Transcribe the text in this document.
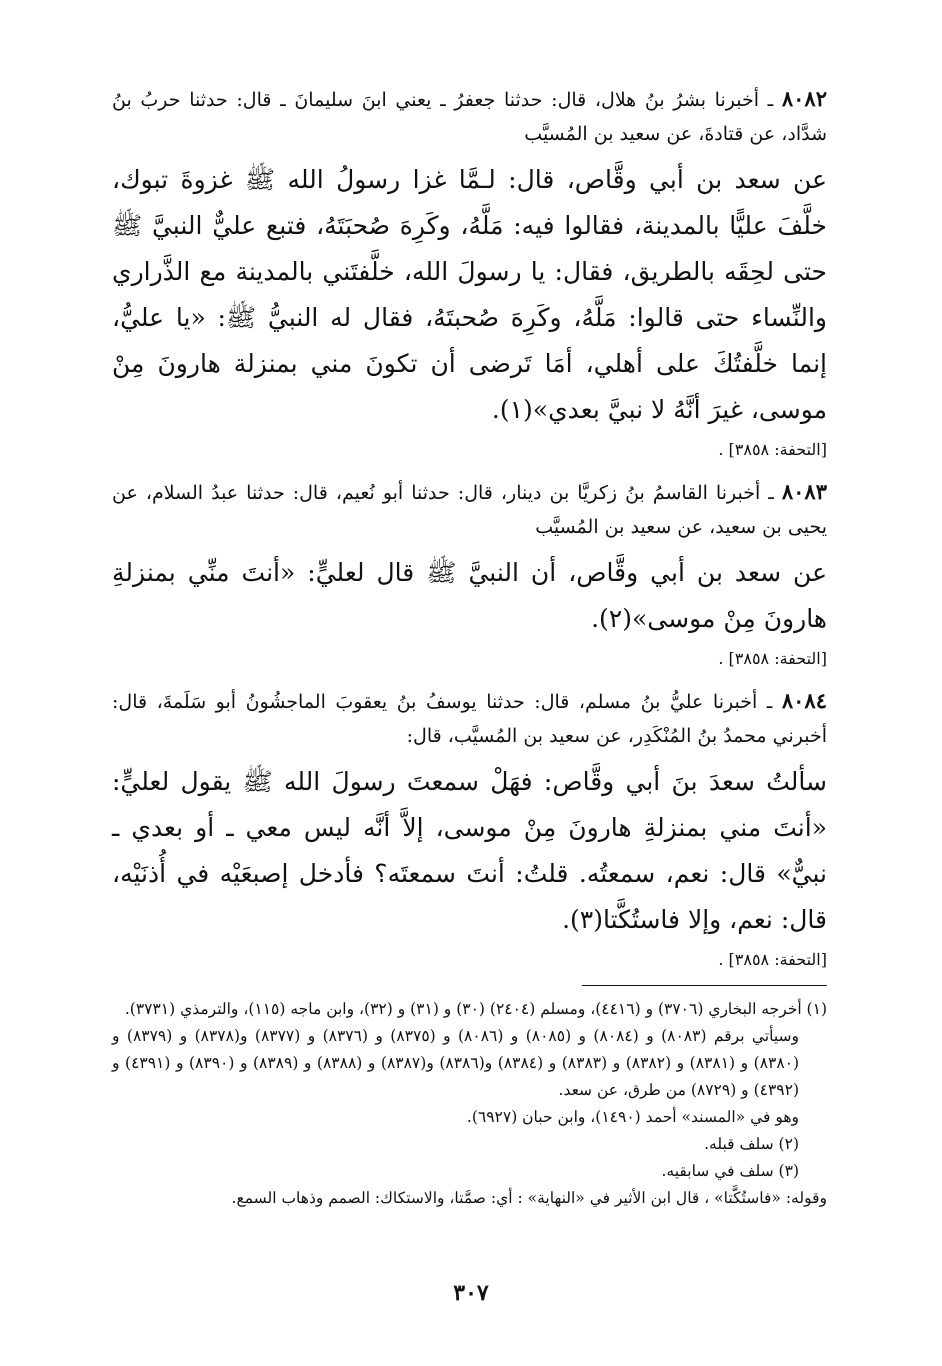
٨٠٨٢ ـ أخبرنا بشرُ بنُ هلال، قال: حدثنا جعفرُ ـ يعني ابنَ سليمانَ ـ قال: حدثنا حربُ بنُ شدَّاد، عن قتادةَ، عن سعيد بن المُسيَّب

عن سعد بن أبي وقَّاص، قال: لـمَّا غزا رسولُ الله ﷺ غزوةَ تبوك، خلَّفَ عليًّا بالمدينة، فقالوا فيه: مَلَّهُ، وكَرِهَ صُحبَتَهُ، فتبع عليٌّ النبيَّ ﷺ حتى لحِقَه بالطريق، فقال: يا رسولَ الله، خلَّفتَني بالمدينة مع الذَّراري والنِّساء حتى قالوا: مَلَّهُ، وكَرِهَ صُحبتَهُ، فقال له النبيُّ ﷺ: «يا عليُّ، إنما خلَّفتُكَ على أهلي، أمَا تَرضى أن تكونَ مني بمنزلة هارونَ مِنْ موسى، غيرَ أنَّهُ لا نبيَّ بعدي»(١).

[التحفة: ٣٨٥٨] .

٨٠٨٣ ـ أخبرنا القاسمُ بنُ زكريَّا بن دينار، قال: حدثنا أبو نُعيم، قال: حدثنا عبدُ السلام، عن يحيى بن سعيد، عن سعيد بن المُسيَّب

عن سعد بن أبي وقَّاص، أن النبيَّ ﷺ قال لعليٍّ: «أنتَ منِّي بمنزلةِ هارونَ مِنْ موسى»(٢).

[التحفة: ٣٨٥٨] .

٨٠٨٤ ـ أخبرنا عليُّ بنُ مسلم، قال: حدثنا يوسفُ بنُ يعقوبَ الماجشُونُ أبو سَلَمةَ، قال: أخبرني محمدُ بنُ المُنْكَدِر، عن سعيد بن المُسيَّب، قال:

سألتُ سعدَ بنَ أبي وقَّاص: فهَلْ سمعتَ رسولَ الله ﷺ يقول لعليٍّ: «أنتَ مني بمنزلةِ هارونَ مِنْ موسى، إلاَّ أنَّه ليس معي ـ أو بعدي ـ نبيٌّ» قال: نعم، سمعتُه. قلتُ: أنتَ سمعتَه؟ فأدخل إصبعَيْه في أُذنَيْه، قال: نعم، وإلا فاستُكَّتا(٣).

[التحفة: ٣٨٥٨] .

(١) أخرجه البخاري (٣٧٠٦) و (٤٤١٦)، ومسلم (٢٤٠٤) (٣٠) و (٣١) و (٣٢)، وابن ماجه (١١٥)، والترمذي (٣٧٣١).

وسيأتي برقم (٨٠٨٣) و (٨٠٨٤) و (٨٠٨٥) و (٨٠٨٦) و (٨٣٧٥) و (٨٣٧٦) و (٨٣٧٧) و(٨٣٧٨) و (٨٣٧٩) و (٨٣٨٠) و (٨٣٨١) و (٨٣٨٢) و (٨٣٨٣) و (٨٣٨٤) و(٨٣٨٦) و(٨٣٨٧) و (٨٣٨٨) و (٨٣٨٩) و (٨٣٩٠) و (٤٣٩١) و (٤٣٩٢) و (٨٧٢٩) من طرق، عن سعد.

وهو في «المسند» أحمد (١٤٩٠)، وابن حبان (٦٩٢٧).

(٢) سلف قبله.

(٣) سلف في سابقيه.

وقوله: «فاستُكَّتا» ، قال ابن الأثير في «النهاية» : أي: صمَّتا، والاستكاك: الصمم وذهاب السمع.

٣٠٧
